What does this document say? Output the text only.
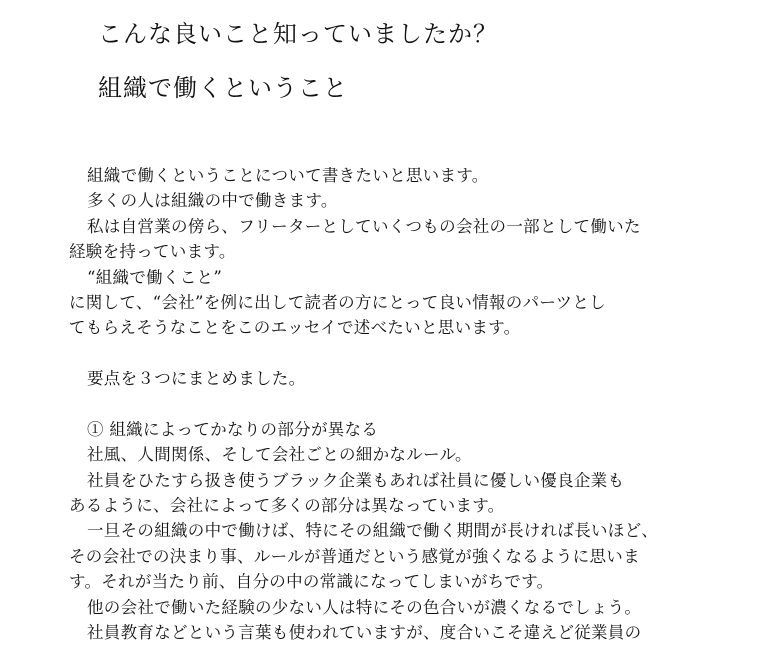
こんな良いこと知っていましたか？
組織で働くということ
組織で働くということについて書きたいと思います。
多くの人は組織の中で働きます。
私は自営業の傍ら、フリーターとしていくつもの会社の一部として働いた
経験を持っています。
“組織で働くこと”
に関して、“会社”を例に出して読者の方にとって良い情報のパーツとし
てもらえそうなことをこのエッセイで述べたいと思います。
要点を３つにまとめました。
① 組織によってかなりの部分が異なる
社風、人間関係、そして会社ごとの細かなルール。
社員をひたすら扱き使うブラック企業もあれば社員に優しい優良企業も
あるように、会社によって多くの部分は異なっています。
一旦その組織の中で働けば、特にその組織で働く期間が長ければ長いほど、
その会社での決まり事、ルールが普通だという感覚が強くなるように思いま
す。それが当たり前、自分の中の常識になってしまいがちです。
他の会社で働いた経験の少ない人は特にその色合いが濃くなるでしょう。
社員教育などという言葉も使われていますが、度合いこそ違えど従業員の
